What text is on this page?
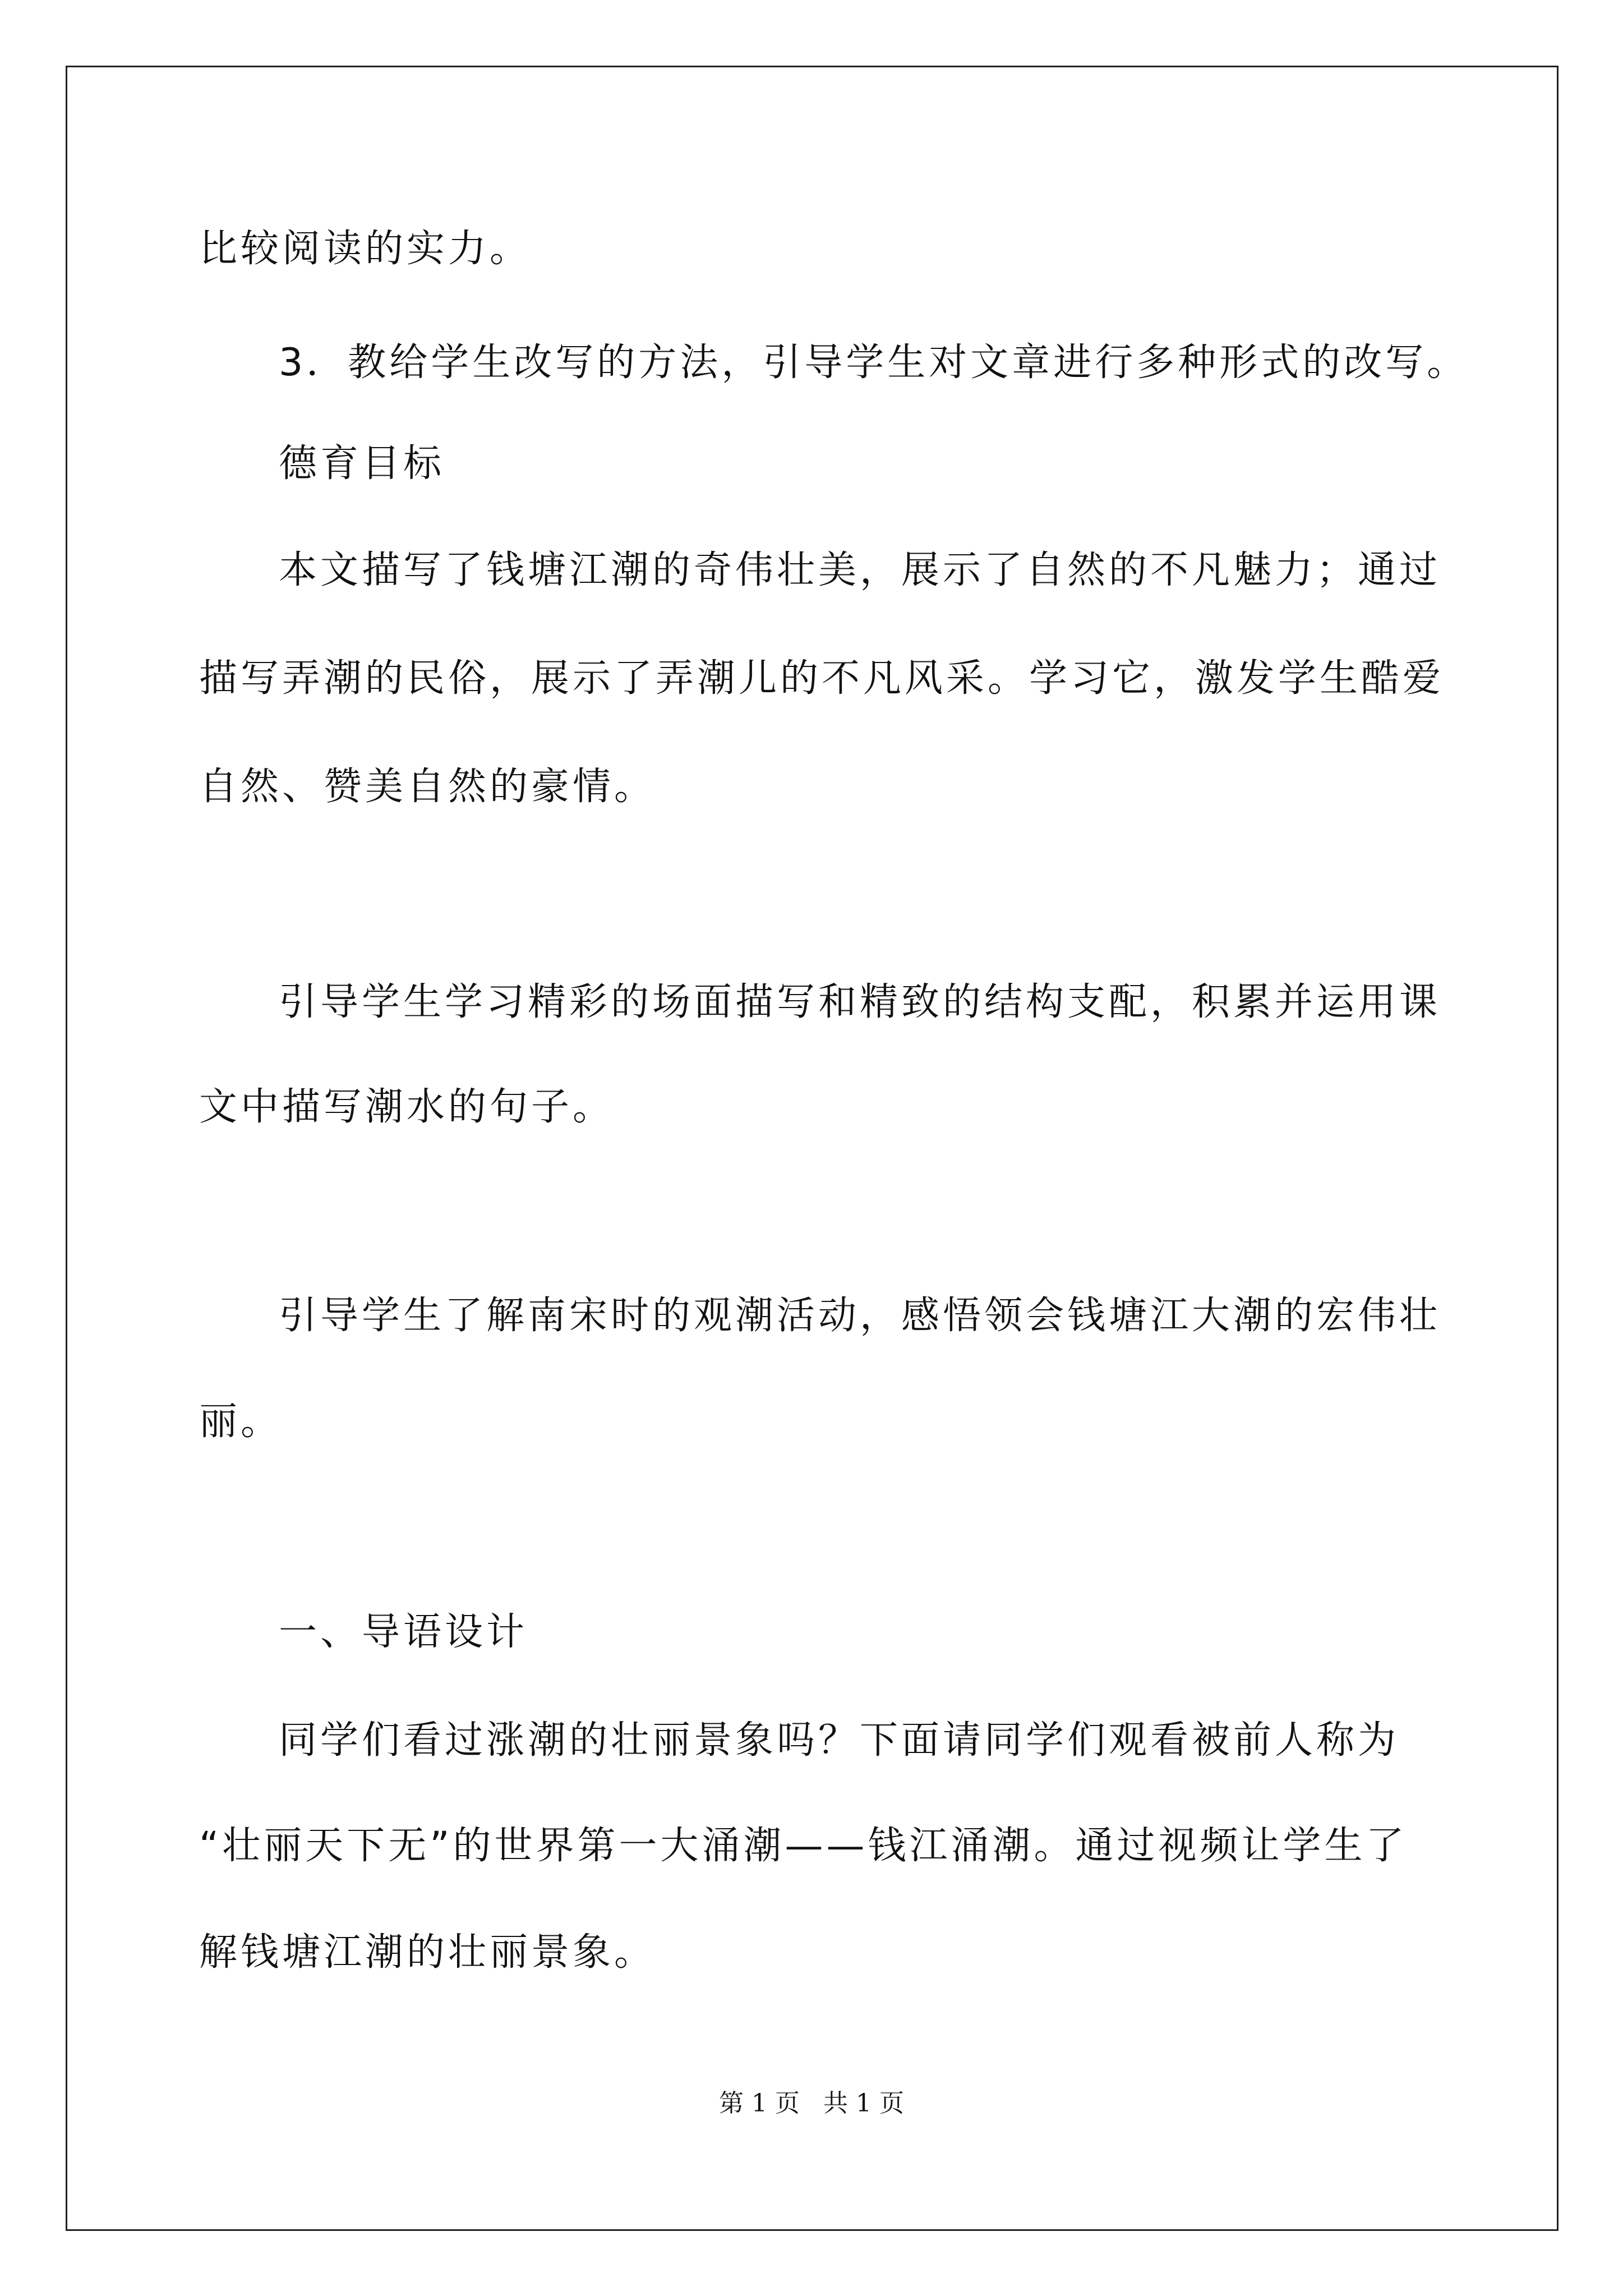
比较阅读的实力。
3．教给学生改写的方法，引导学生对文章进行多种形式的改写。
德育目标
本文描写了钱塘江潮的奇伟壮美，展示了自然的不凡魅力；通过
描写弄潮的民俗，展示了弄潮儿的不凡风采。学习它，激发学生酷爱
自然、赞美自然的豪情。
引导学生学习精彩的场面描写和精致的结构支配，积累并运用课
文中描写潮水的句子。
引导学生了解南宋时的观潮活动，感悟领会钱塘江大潮的宏伟壮
丽。
一、导语设计
同学们看过涨潮的壮丽景象吗？下面请同学们观看被前人称为
“壮丽天下无”的世界第一大涌潮——钱江涌潮。通过视频让学生了
解钱塘江潮的壮丽景象。
第 1 页   共 1 页
